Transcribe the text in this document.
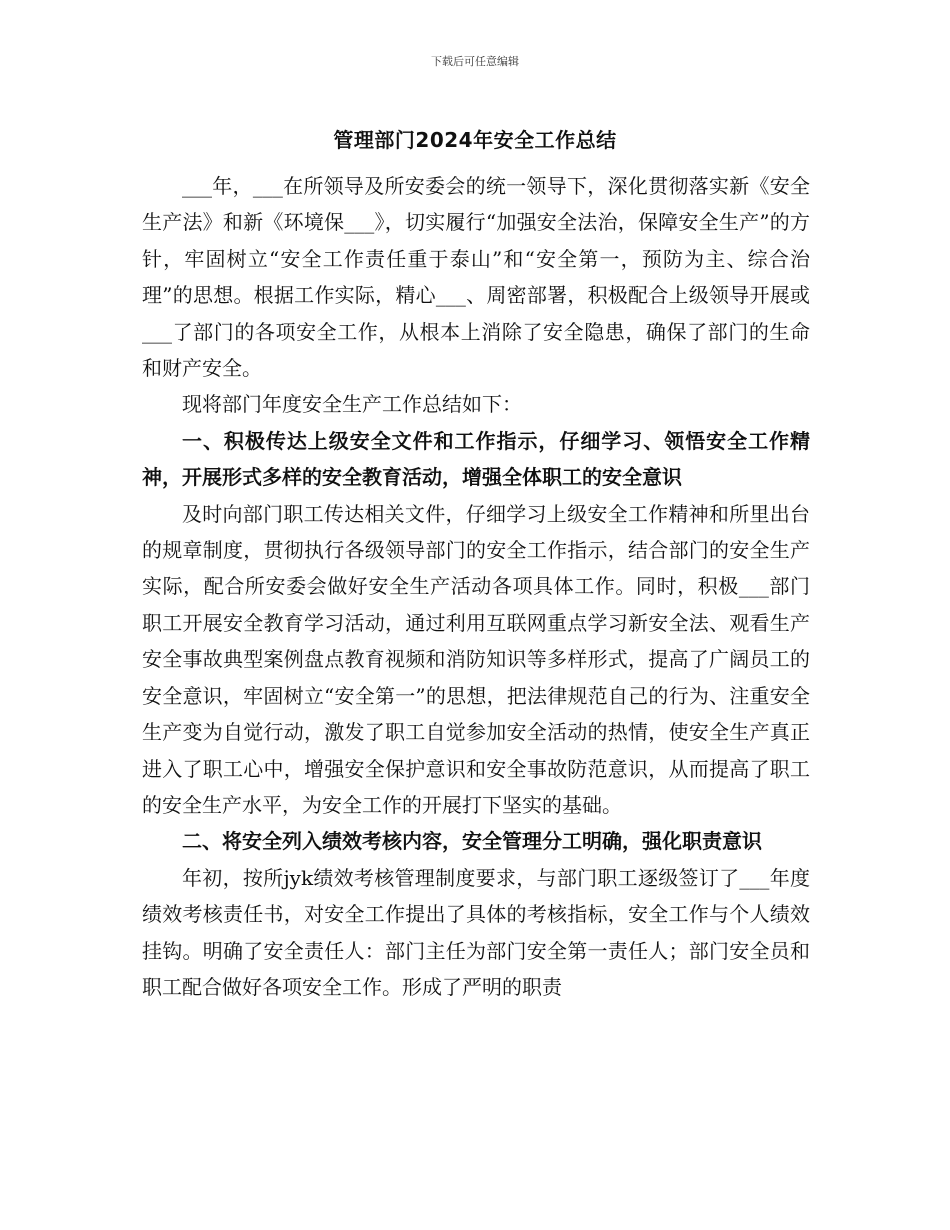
下载后可任意编辑
管理部门2024年安全工作总结

___年，___在所领导及所安委会的统一领导下，深化贯彻落实新《安全生产法》和新《环境保___》，切实履行“加强安全法治，保障安全生产”的方针，牢固树立“安全工作责任重于泰山”和“安全第一，预防为主、综合治理”的思想。根据工作实际，精心___、周密部署，积极配合上级领导开展或___了部门的各项安全工作，从根本上消除了安全隐患，确保了部门的生命和财产安全。

现将部门年度安全生产工作总结如下：

一、积极传达上级安全文件和工作指示，仔细学习、领悟安全工作精神，开展形式多样的安全教育活动，增强全体职工的安全意识

及时向部门职工传达相关文件，仔细学习上级安全工作精神和所里出台的规章制度，贯彻执行各级领导部门的安全工作指示，结合部门的安全生产实际，配合所安委会做好安全生产活动各项具体工作。同时，积极___部门职工开展安全教育学习活动，通过利用互联网重点学习新安全法、观看生产安全事故典型案例盘点教育视频和消防知识等多样形式，提高了广阔员工的安全意识，牢固树立“安全第一”的思想，把法律规范自己的行为、注重安全生产变为自觉行动，激发了职工自觉参加安全活动的热情，使安全生产真正进入了职工心中，增强安全保护意识和安全事故防范意识，从而提高了职工的安全生产水平，为安全工作的开展打下坚实的基础。

二、将安全列入绩效考核内容，安全管理分工明确，强化职责意识

年初，按所jyk绩效考核管理制度要求，与部门职工逐级签订了___年度绩效考核责任书，对安全工作提出了具体的考核指标，安全工作与个人绩效挂钩。明确了安全责任人：部门主任为部门安全第一责任人；部门安全员和职工配合做好各项安全工作。形成了严明的职责
